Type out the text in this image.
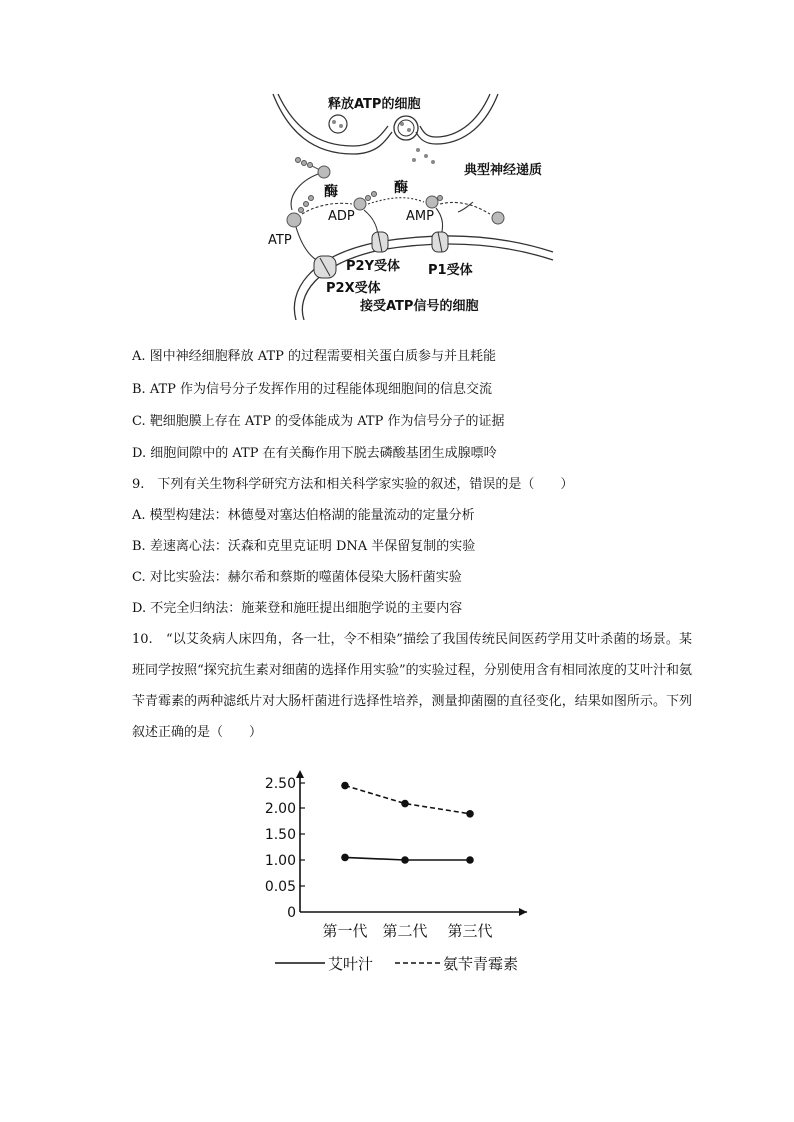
释放ATP的细胞
典型神经递质
酶	酶
ATP
ADP	AMP
P2Y受体 P1受体
P2X受体
接受ATP信号的细胞
A. 图中神经细胞释放 ATP 的过程需要相关蛋白质参与并且耗能
B. ATP 作为信号分子发挥作用的过程能体现细胞间的信息交流
C. 靶细胞膜上存在 ATP 的受体能成为 ATP 作为信号分子的证据
D. 细胞间隙中的 ATP 在有关酶作用下脱去磷酸基团生成腺嘌呤
9.　下列有关生物科学研究方法和相关科学家实验的叙述，错误的是（　　）
A. 模型构建法：林德曼对塞达伯格湖的能量流动的定量分析
B. 差速离心法：沃森和克里克证明 DNA 半保留复制的实验
C. 对比实验法：赫尔希和蔡斯的噬菌体侵染大肠杆菌实验
D. 不完全归纳法：施莱登和施旺提出细胞学说的主要内容
10.　“以艾灸病人床四角，各一壮，令不相染”描绘了我国传统民间医药学用艾叶杀菌的场景。某班同学按照“探究抗生素对细菌的选择作用实验”的实验过程，分别使用含有相同浓度的艾叶汁和氨苄青霉素的两种滤纸片对大肠杆菌进行选择性培养，测量抑菌圈的直径变化，结果如图所示。下列叙述正确的是（　　）
0
0.05
1.00
1.50
2.00
2.50
第一代 第二代 第三代
艾叶汁	氨苄青霉素
